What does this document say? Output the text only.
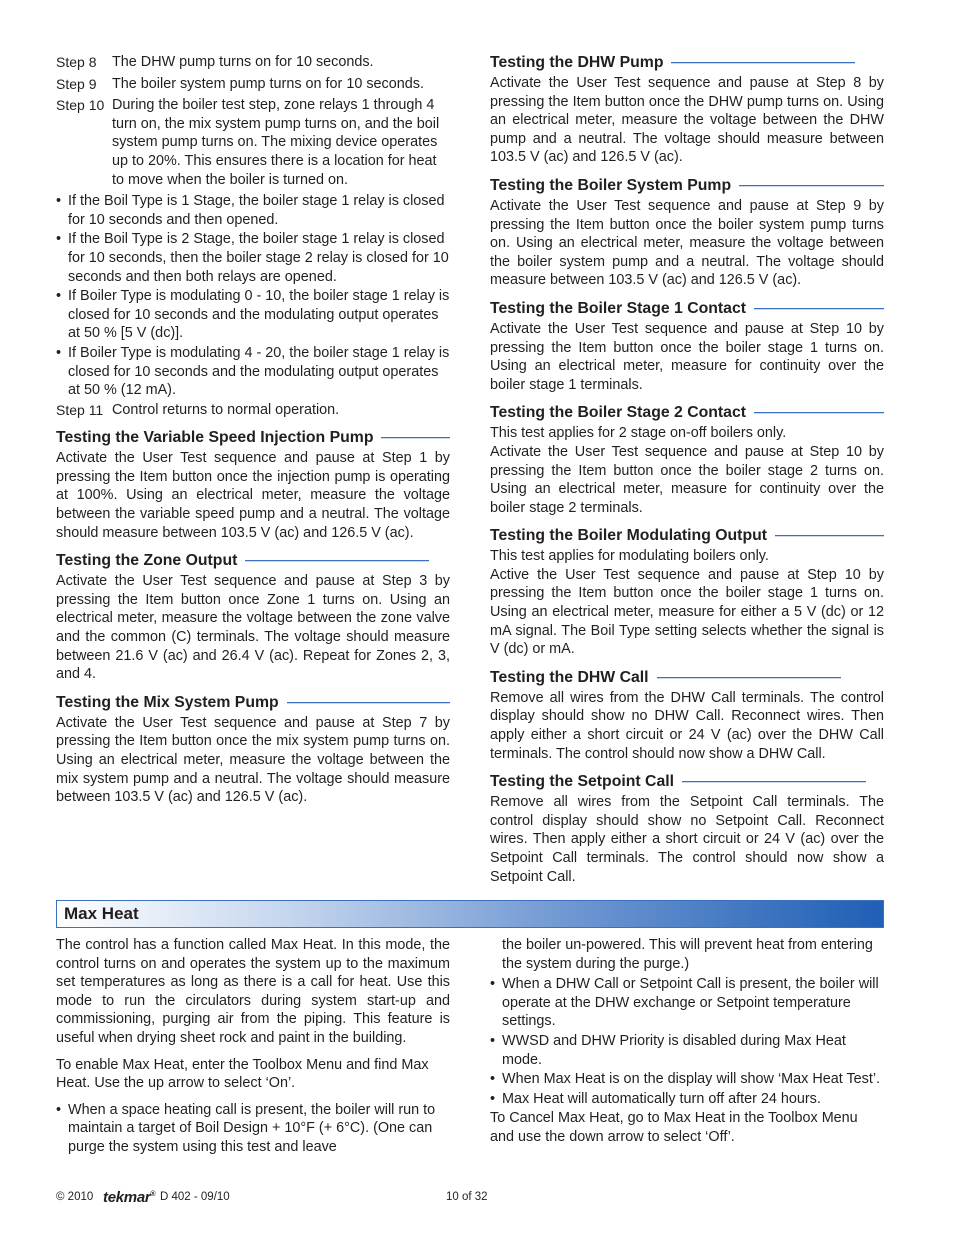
Step 8	The DHW pump turns on for 10 seconds.
Step 9	The boiler system pump turns on for 10 seconds.
Step 10 During the boiler test step, zone relays 1 through 4 turn on, the mix system pump turns on, and the boil system pump turns on. The mixing device operates up to 20%. This ensures there is a location for heat to move when the boiler is turned on.
• If the Boil Type is 1 Stage, the boiler stage 1 relay is closed for 10 seconds and then opened.
• If the Boil Type is 2 Stage, the boiler stage 1 relay is closed for 10 seconds, then the boiler stage 2 relay is closed for 10 seconds and then both relays are opened.
• If Boiler Type is modulating 0 - 10, the boiler stage 1 relay is closed for 10 seconds and the modulating output operates at 50 % [5 V (dc)].
• If Boiler Type is modulating 4 - 20, the boiler stage 1 relay is closed for 10 seconds and the modulating output operates at 50 % (12 mA).
Step 11 Control returns to normal operation.
Testing the Variable Speed Injection Pump
Activate the User Test sequence and pause at Step 1 by pressing the Item button once the injection pump is operating at 100%. Using an electrical meter, measure the voltage between the variable speed pump and a neutral. The voltage should measure between 103.5 V (ac) and 126.5 V (ac).
Testing the Zone Output
Activate the User Test sequence and pause at Step 3 by pressing the Item button once Zone 1 turns on. Using an electrical meter, measure the voltage between the zone valve and the common (C) terminals. The voltage should measure between 21.6 V (ac) and 26.4 V (ac). Repeat for Zones 2, 3, and 4.
Testing the Mix System Pump
Activate the User Test sequence and pause at Step 7 by pressing the Item button once the mix system pump turns on. Using an electrical meter, measure the voltage between the mix system pump and a neutral. The voltage should measure between 103.5 V (ac) and 126.5 V (ac).
Testing the DHW Pump
Activate the User Test sequence and pause at Step 8 by pressing the Item button once the DHW pump turns on. Using an electrical meter, measure the voltage between the DHW pump and a neutral. The voltage should measure between 103.5 V (ac) and 126.5 V (ac).
Testing the Boiler System Pump
Activate the User Test sequence and pause at Step 9 by pressing the Item button once the boiler system pump turns on. Using an electrical meter, measure the voltage between the boiler system pump and a neutral. The voltage should measure between 103.5 V (ac) and 126.5 V (ac).
Testing the Boiler Stage 1 Contact
Activate the User Test sequence and pause at Step 10 by pressing the Item button once the boiler stage 1 turns on. Using an electrical meter, measure for continuity over the boiler stage 1 terminals.
Testing the Boiler Stage 2 Contact
This test applies for 2 stage on-off boilers only.
Activate the User Test sequence and pause at Step 10 by pressing the Item button once the boiler stage 2 turns on. Using an electrical meter, measure for continuity over the boiler stage 2 terminals.
Testing the Boiler Modulating Output
This test applies for modulating boilers only.
Active the User Test sequence and pause at Step 10 by pressing the Item button once the boiler stage 1 turns on. Using an electrical meter, measure for either a 5 V (dc) or 12 mA signal. The Boil Type setting selects whether the signal is V (dc) or mA.
Testing the DHW Call
Remove all wires from the DHW Call terminals. The control display should show no DHW Call. Reconnect wires. Then apply either a short circuit or 24 V (ac) over the DHW Call terminals. The control should now show a DHW Call.
Testing the Setpoint Call
Remove all wires from the Setpoint Call terminals. The control display should show no Setpoint Call. Reconnect wires. Then apply either a short circuit or 24 V (ac) over the Setpoint Call terminals. The control should now show a Setpoint Call.
Max Heat
The control has a function called Max Heat. In this mode, the control turns on and operates the system up to the maximum set temperatures as long as there is a call for heat. Use this mode to run the circulators during system start-up and commissioning, purging air from the piping. This feature is useful when drying sheet rock and paint in the building.
To enable Max Heat, enter the Toolbox Menu and find Max Heat. Use the up arrow to select ‘On’.
• When a space heating call is present, the boiler will run to maintain a target of Boil Design + 10°F (+ 6°C). (One can purge the system using this test and leave
the boiler un-powered. This will prevent heat from entering the system during the purge.)
• When a DHW Call or Setpoint Call is present, the boiler will operate at the DHW exchange or Setpoint temperature settings.
• WWSD and DHW Priority is disabled during Max Heat mode.
• When Max Heat is on the display will show ‘Max Heat Test’.
• Max Heat will automatically turn off after 24 hours.
To Cancel Max Heat, go to Max Heat in the Toolbox Menu and use the down arrow to select ‘Off’.
© 2010 tekmar® D 402 - 09/10	10 of 32
